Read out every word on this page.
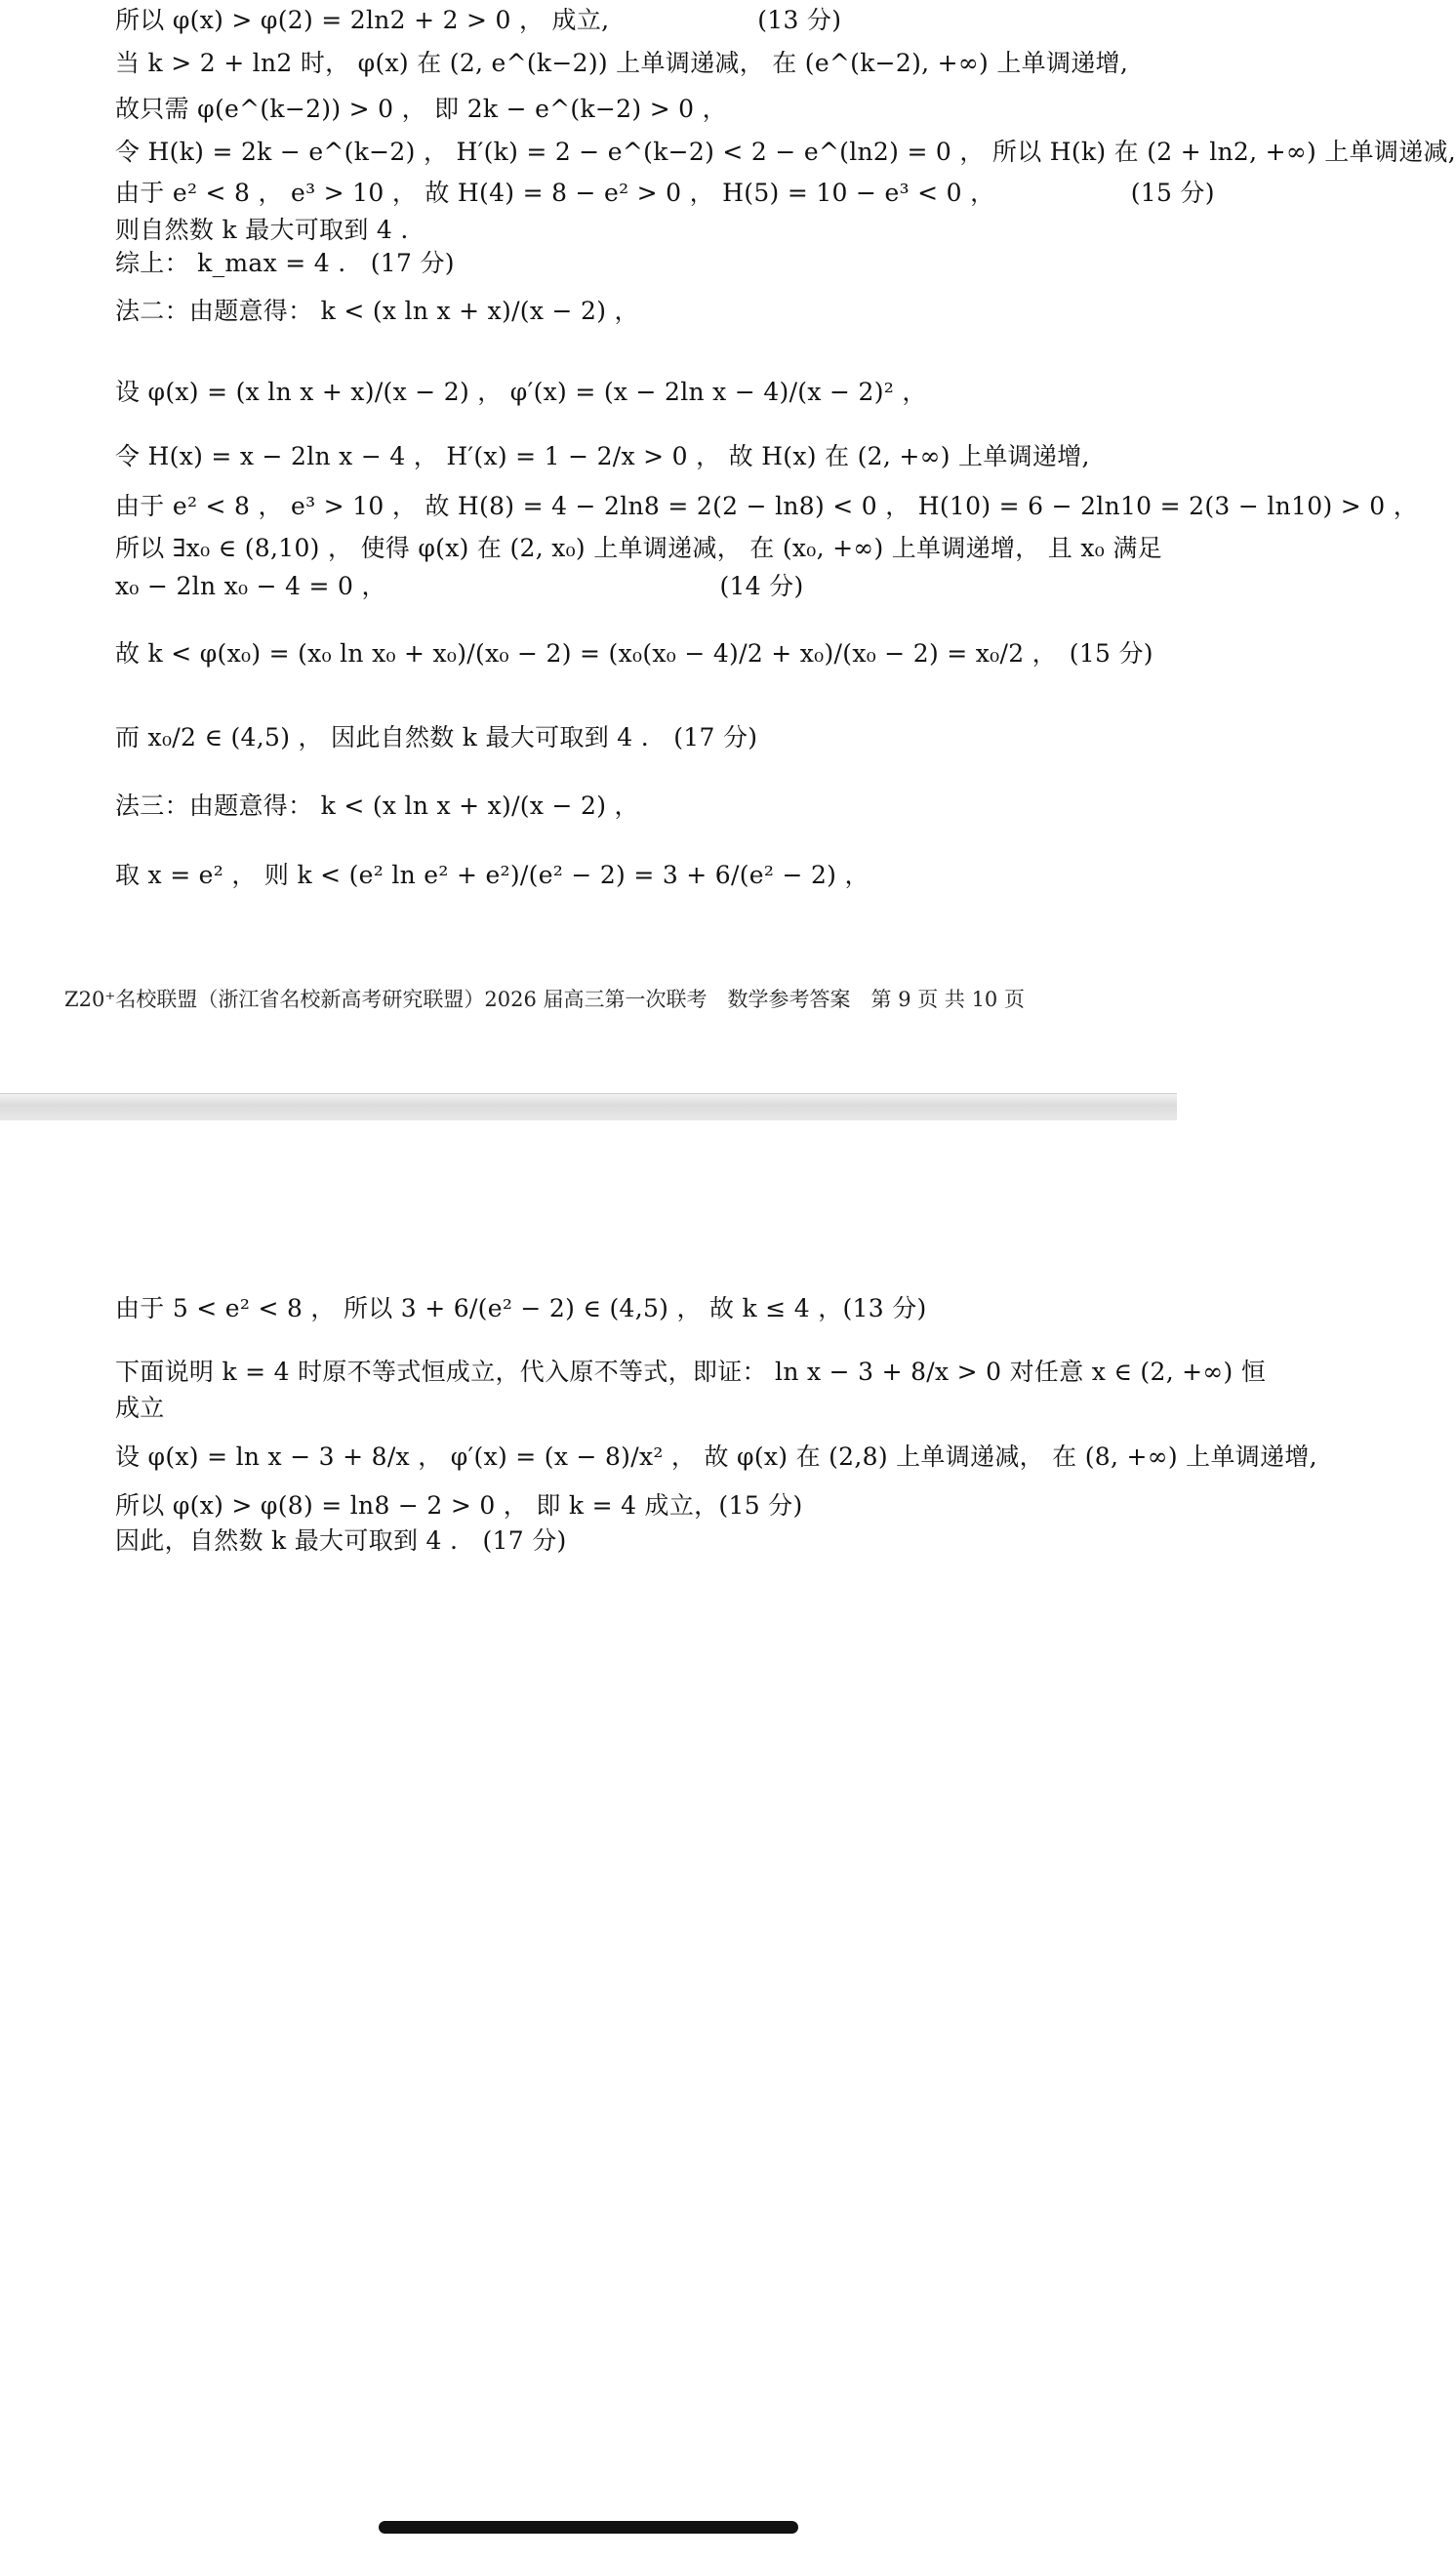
所以 φ(x) > φ(2) = 2ln2 + 2 > 0 ， 成立,　　　　　　(13 分)
当 k > 2 + ln2 时， φ(x) 在 (2, e^(k−2)) 上单调递减， 在 (e^(k−2), +∞) 上单调递增,
故只需 φ(e^(k−2)) > 0 ， 即 2k − e^(k−2) > 0 ，
令 H(k) = 2k − e^(k−2) ， H′(k) = 2 − e^(k−2) < 2 − e^(ln2) = 0 ， 所以 H(k) 在 (2 + ln2, +∞) 上单调递减,
由于 e² < 8 ， e³ > 10 ， 故 H(4) = 8 − e² > 0 ， H(5) = 10 − e³ < 0 ，　　　　　　(15 分)
则自然数 k 最大可取到 4 .
综上： k_max = 4 .　(17 分)
法二：由题意得： k < (x ln x + x)/(x − 2) ，
设 φ(x) = (x ln x + x)/(x − 2) ， φ′(x) = (x − 2ln x − 4)/(x − 2)² ，
令 H(x) = x − 2ln x − 4 ， H′(x) = 1 − 2/x > 0 ， 故 H(x) 在 (2, +∞) 上单调递增,
由于 e² < 8 ， e³ > 10 ， 故 H(8) = 4 − 2ln8 = 2(2 − ln8) < 0 ， H(10) = 6 − 2ln10 = 2(3 − ln10) > 0 ，
所以 ∃x₀ ∈ (8,10) ， 使得 φ(x) 在 (2, x₀) 上单调递减， 在 (x₀, +∞) 上单调递增， 且 x₀ 满足
x₀ − 2ln x₀ − 4 = 0 ，　　　　　　　　　　　　　　(14 分)
故 k < φ(x₀) = (x₀ ln x₀ + x₀)/(x₀ − 2) = (x₀(x₀ − 4)/2 + x₀)/(x₀ − 2) = x₀/2 ，　(15 分)
而 x₀/2 ∈ (4,5) ， 因此自然数 k 最大可取到 4 .　(17 分)
法三：由题意得： k < (x ln x + x)/(x − 2) ，
取 x = e² ， 则 k < (e² ln e² + e²)/(e² − 2) = 3 + 6/(e² − 2) ，
Z20⁺名校联盟（浙江省名校新高考研究联盟）2026 届高三第一次联考　数学参考答案　第 9 页 共 10 页
由于 5 < e² < 8 ， 所以 3 + 6/(e² − 2) ∈ (4,5) ， 故 k ≤ 4 ，(13 分)
下面说明 k = 4 时原不等式恒成立，代入原不等式，即证： ln x − 3 + 8/x > 0 对任意 x ∈ (2, +∞) 恒
成立
设 φ(x) = ln x − 3 + 8/x ， φ′(x) = (x − 8)/x² ， 故 φ(x) 在 (2,8) 上单调递减， 在 (8, +∞) 上单调递增,
所以 φ(x) > φ(8) = ln8 − 2 > 0 ， 即 k = 4 成立，(15 分)
因此，自然数 k 最大可取到 4 .　(17 分)
